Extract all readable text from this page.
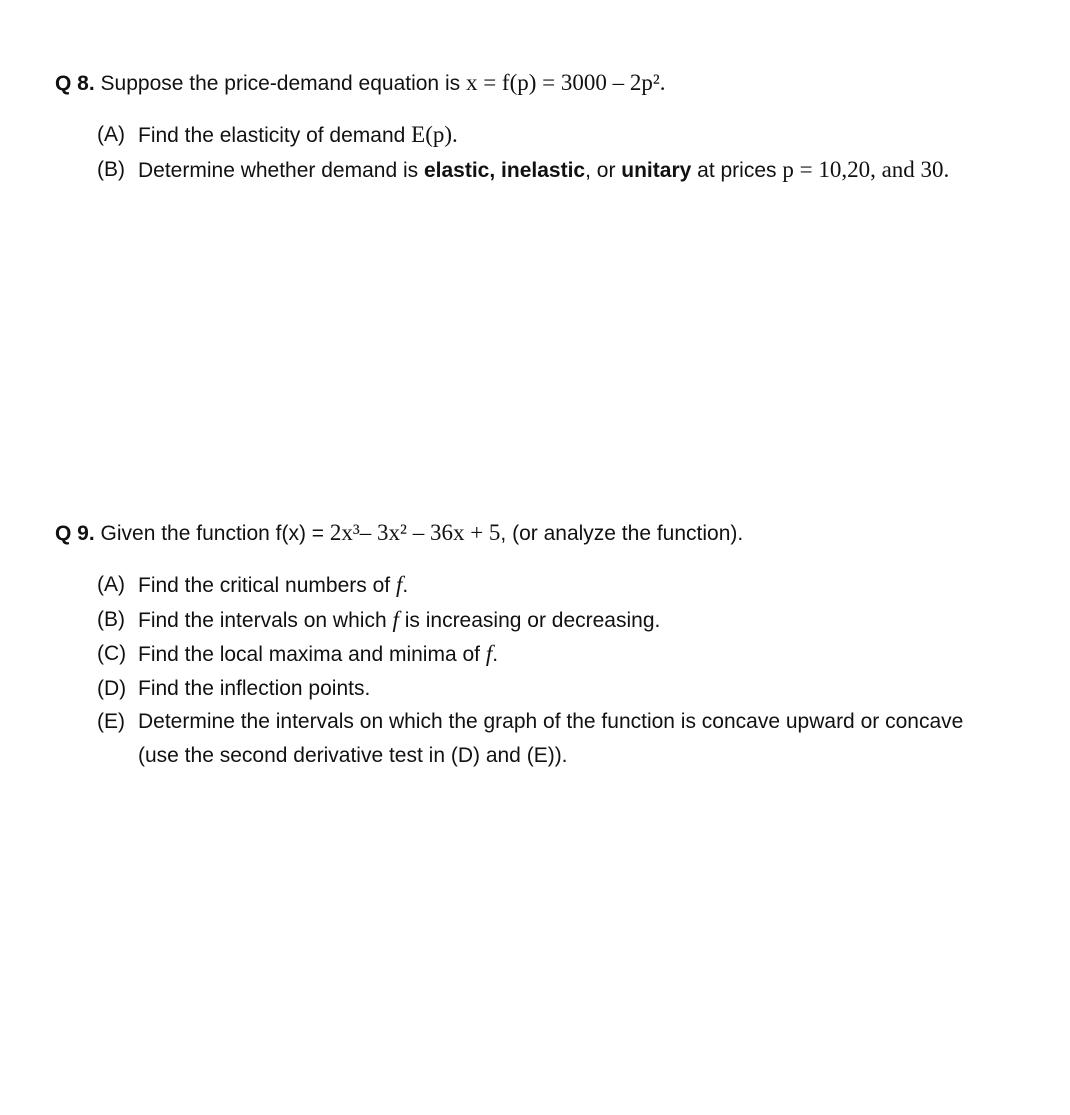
Q 8. Suppose the price-demand equation is x = f(p) = 3000 – 2p².
(A) Find the elasticity of demand E(p).
(B) Determine whether demand is elastic, inelastic, or unitary at prices p = 10,20, and 30.
Q 9. Given the function f(x) = 2x³– 3x² – 36x + 5, (or analyze the function).
(A) Find the critical numbers of f.
(B) Find the intervals on which f is increasing or decreasing.
(C) Find the local maxima and minima of f.
(D) Find the inflection points.
(E) Determine the intervals on which the graph of the function is concave upward or concave
(use the second derivative test in (D) and (E)).
